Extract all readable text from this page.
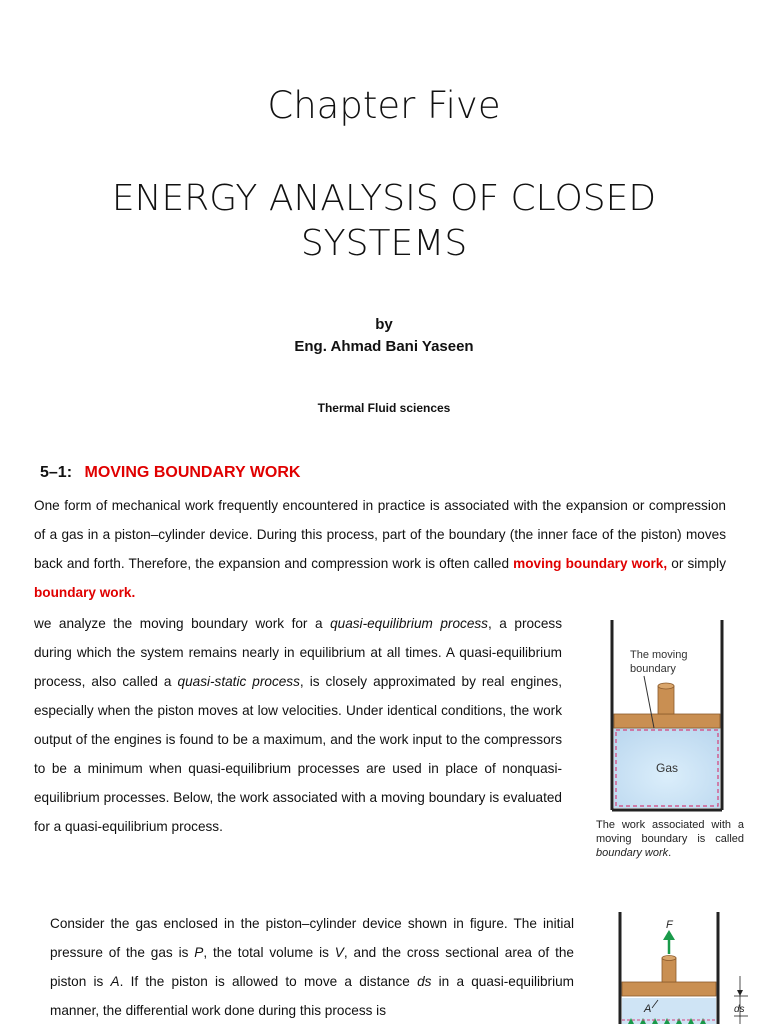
Chapter Five
ENERGY ANALYSIS OF CLOSED SYSTEMS
by
Eng. Ahmad Bani Yaseen
Thermal Fluid sciences
5–1: MOVING BOUNDARY WORK
One form of mechanical work frequently encountered in practice is associated with the expansion or compression of a gas in a piston–cylinder device. During this process, part of the boundary (the inner face of the piston) moves back and forth. Therefore, the expansion and compression work is often called moving boundary work, or simply boundary work.
we analyze the moving boundary work for a quasi-equilibrium process, a process during which the system remains nearly in equilibrium at all times. A quasi-equilibrium process, also called a quasi-static process, is closely approximated by real engines, especially when the piston moves at low velocities. Under identical conditions, the work output of the engines is found to be a maximum, and the work input to the compressors to be a minimum when quasi-equilibrium processes are used in place of nonquasi-equilibrium processes. Below, the work associated with a moving boundary is evaluated for a quasi-equilibrium process.
The moving
boundary
Gas
The work associated with a moving boundary is called boundary work.
Consider the gas enclosed in the piston–cylinder device shown in figure. The initial pressure of the gas is P, the total volume is V, and the cross sectional area of the piston is A. If the piston is allowed to move a distance ds in a quasi-equilibrium manner, the differential work done during this process is
F
A	ds
